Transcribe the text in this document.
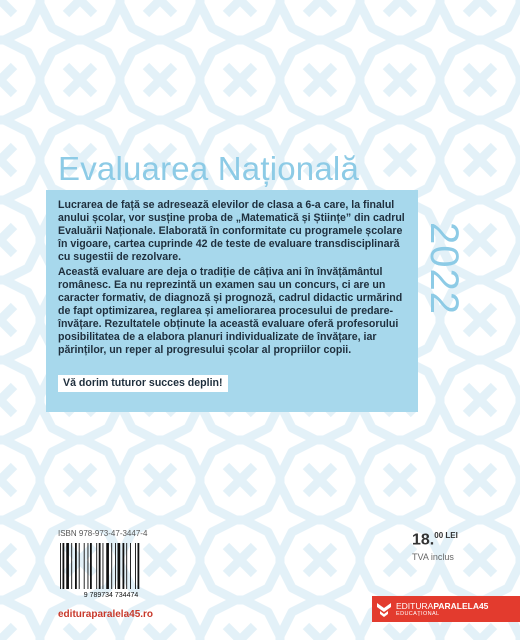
Evaluarea Națională
2022
Lucrarea de față se adresează elevilor de clasa a 6-a care, la finalul anului școlar, vor susține proba de „Matematică și Științe” din cadrul Evaluării Naționale. Elaborată în conformitate cu programele școlare în vigoare, cartea cuprinde 42 de teste de evaluare transdisciplinară cu sugestii de rezolvare.
Această evaluare are deja o tradiție de câțiva ani în învățământul românesc. Ea nu reprezintă un examen sau un concurs, ci are un caracter formativ, de diagnoză și prognoză, cadrul didactic urmărind de fapt optimizarea, reglarea și ameliorarea procesului de predare-învățare. Rezultatele obținute la această evaluare oferă profesorului posibilitatea de a elabora planuri individualizate de învățare, iar părinților, un reper al progresului școlar al propriilor copii.
Vă dorim tuturor succes deplin!
ISBN 978-973-47-3447-4
9 789734 734474
editura​paralela45.ro
18.$^{00 LEI}$
TVA inclus
EDITURAPARALELA45
EDUCAȚIONAL
